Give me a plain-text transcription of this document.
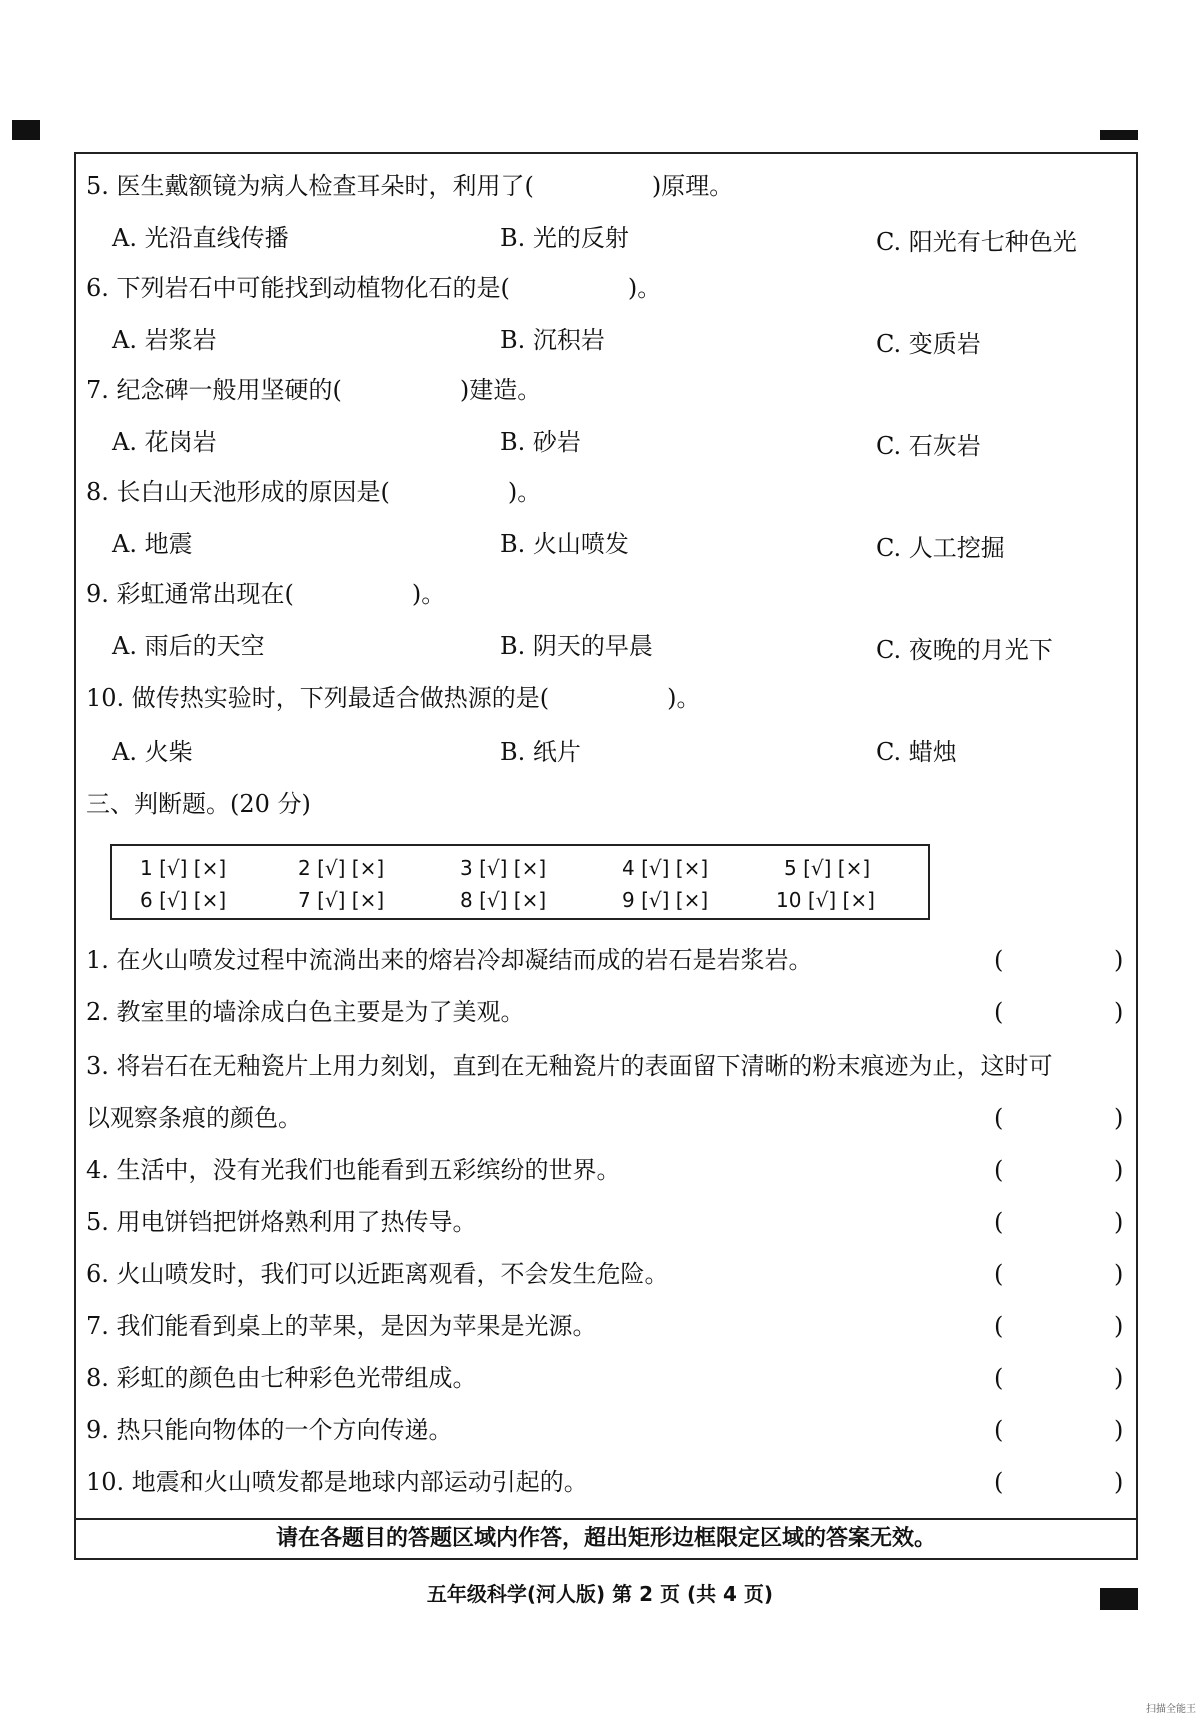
5. 医生戴额镜为病人检查耳朵时，利用了(	)原理。
A. 光沿直线传播	B. 光的反射	C. 阳光有七种色光
6. 下列岩石中可能找到动植物化石的是(	)。
A. 岩浆岩	B. 沉积岩	C. 变质岩
7. 纪念碑一般用坚硬的(	)建造。
A. 花岗岩	B. 砂岩	C. 石灰岩
8. 长白山天池形成的原因是(	)。
A. 地震	B. 火山喷发	C. 人工挖掘
9. 彩虹通常出现在(	)。
A. 雨后的天空	B. 阴天的早晨	C. 夜晚的月光下
10. 做传热实验时，下列最适合做热源的是(	)。
A. 火柴	B. 纸片	C. 蜡烛
三、判断题。(20 分)
1 [√] [×]	2 [√] [×]	3 [√] [×]	4 [√] [×]	5 [√] [×]
6 [√] [×]	7 [√] [×]	8 [√] [×]	9 [√] [×]	10 [√] [×]
1. 在火山喷发过程中流淌出来的熔岩冷却凝结而成的岩石是岩浆岩。
2. 教室里的墙涂成白色主要是为了美观。
3. 将岩石在无釉瓷片上用力刻划，直到在无釉瓷片的表面留下清晰的粉末痕迹为止，这时可
以观察条痕的颜色。
4. 生活中，没有光我们也能看到五彩缤纷的世界。
5. 用电饼铛把饼烙熟利用了热传导。
6. 火山喷发时，我们可以近距离观看，不会发生危险。
7. 我们能看到桌上的苹果，是因为苹果是光源。
8. 彩虹的颜色由七种彩色光带组成。
9. 热只能向物体的一个方向传递。
10. 地震和火山喷发都是地球内部运动引起的。
(	)
(	)
(	)
(	)
(	)
(	)
(	)
(	)
(	)
(	)
请在各题目的答题区域内作答，超出矩形边框限定区域的答案无效。
五年级科学(河人版) 第 2 页 (共 4 页)
扫描全能王
